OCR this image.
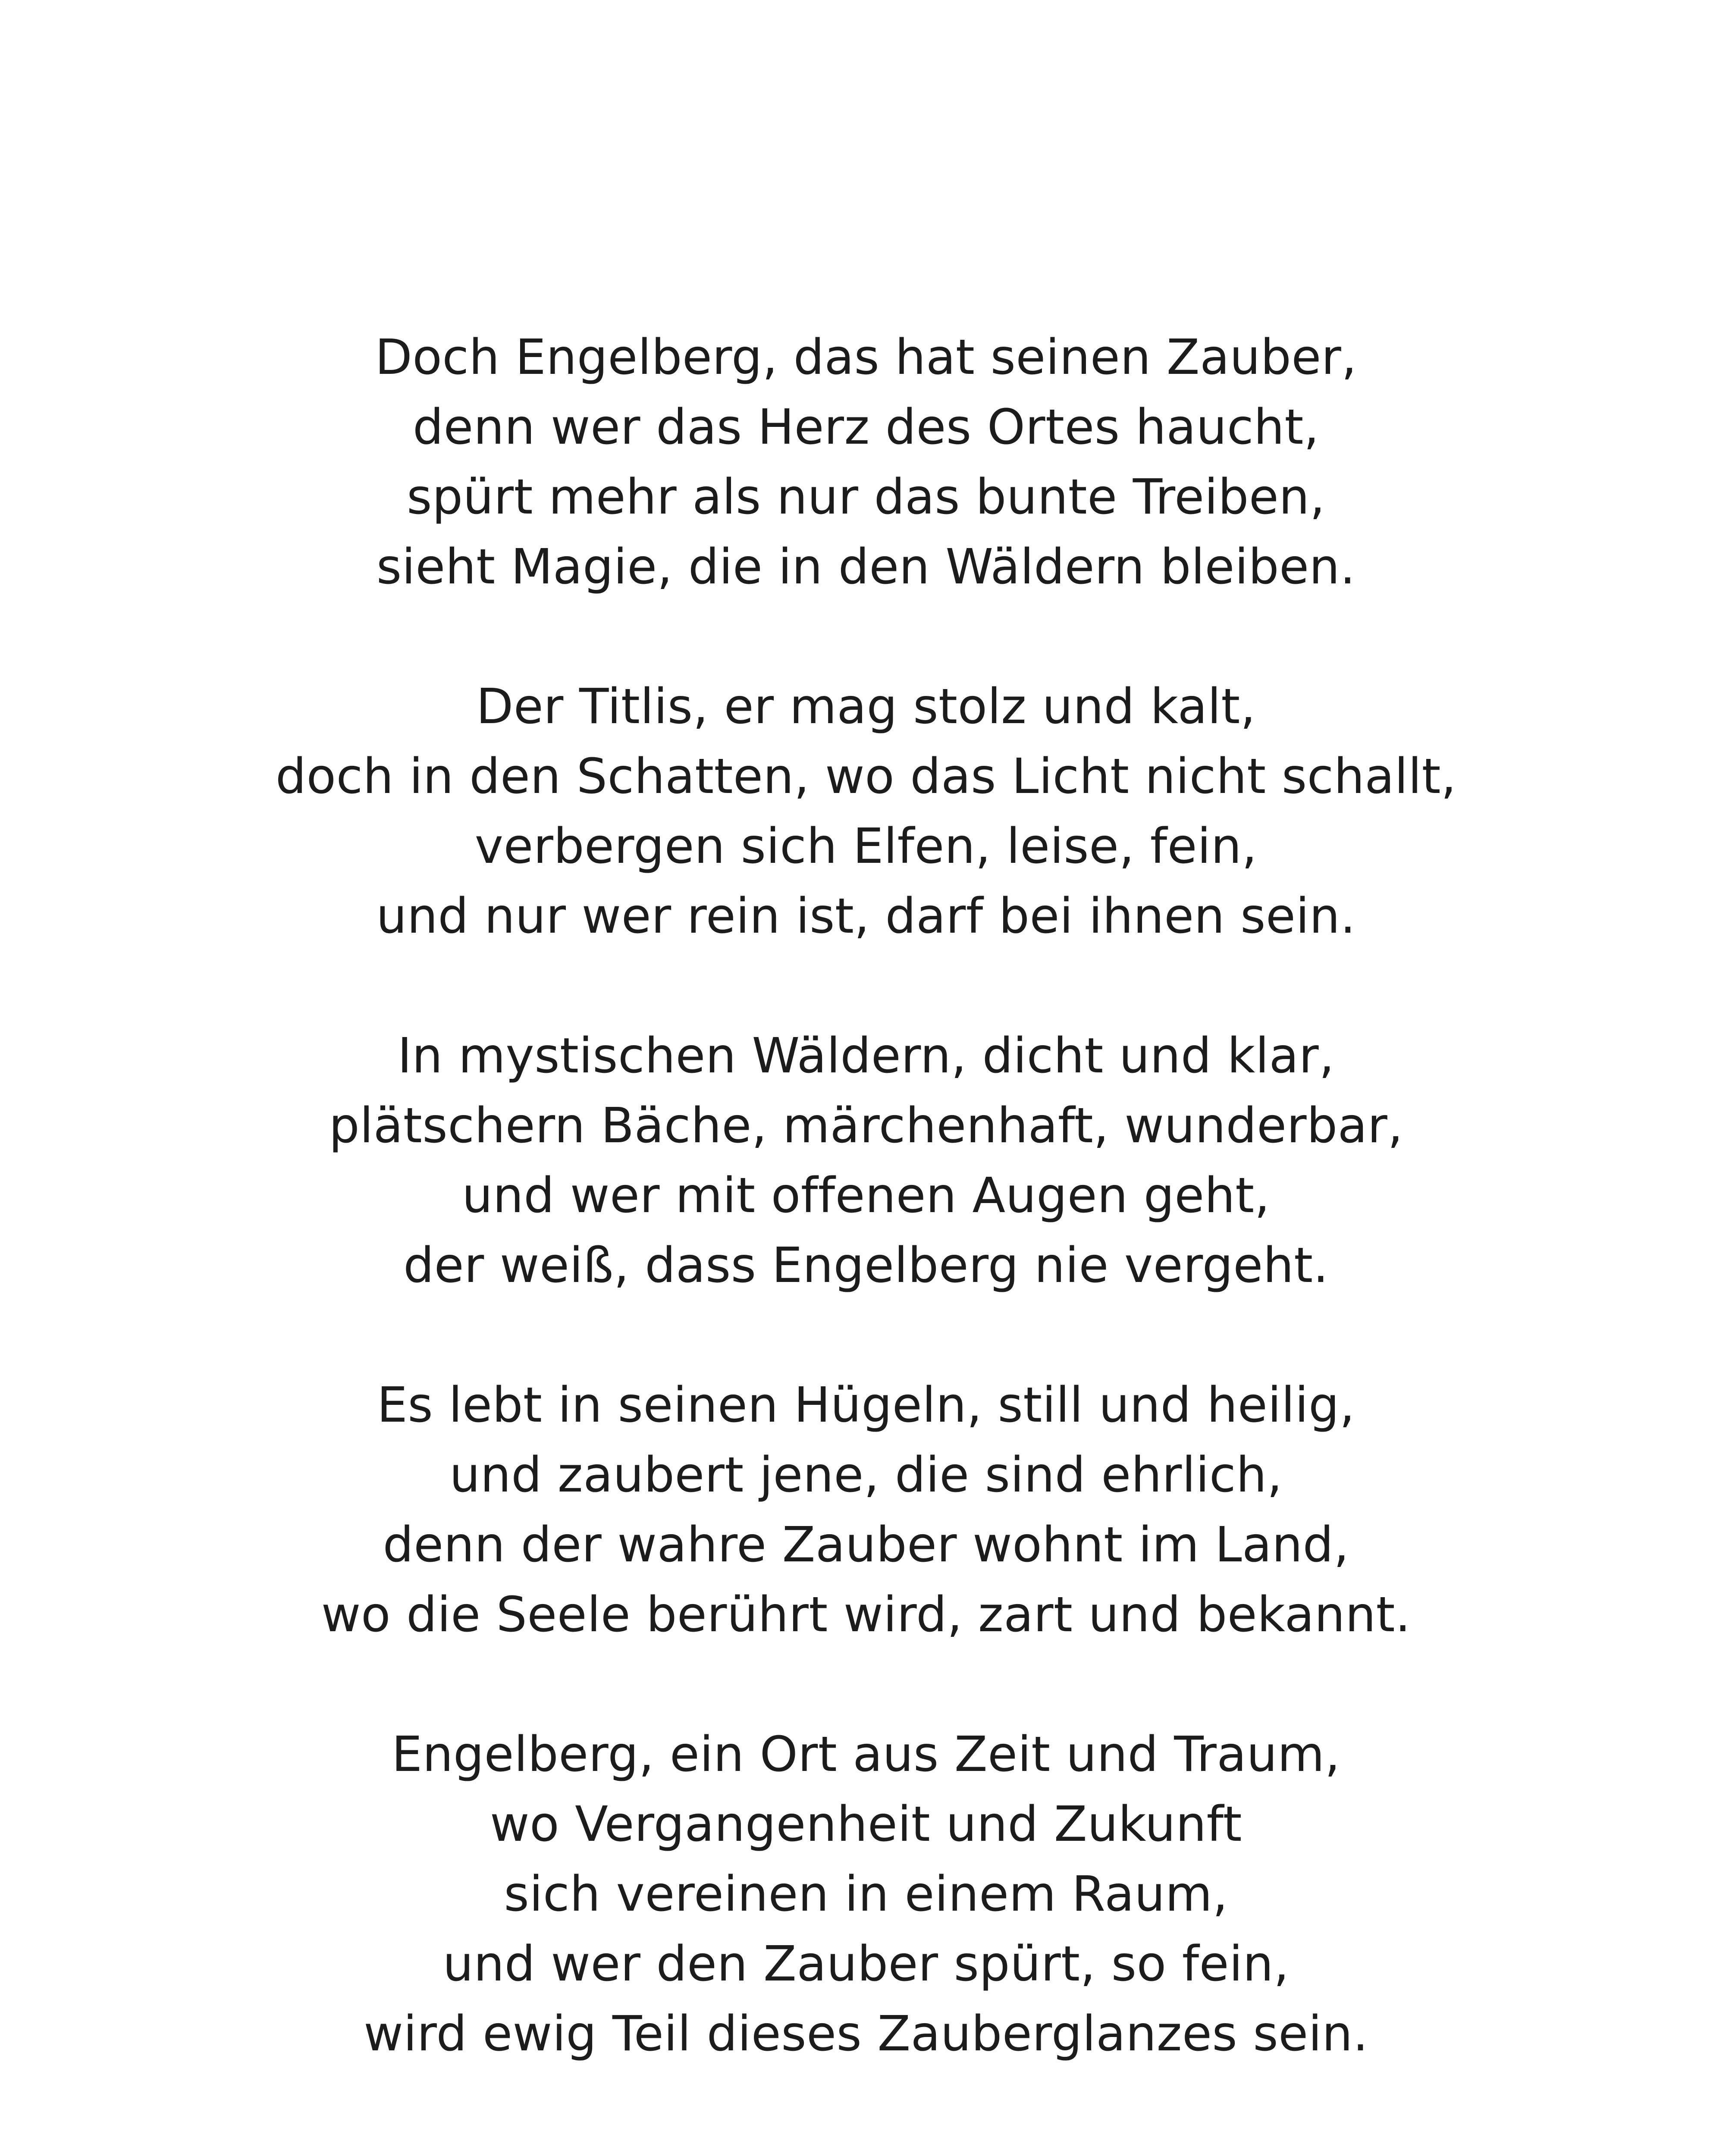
Doch Engelberg, das hat seinen Zauber,
denn wer das Herz des Ortes haucht,
spürt mehr als nur das bunte Treiben,
sieht Magie, die in den Wäldern bleiben.
Der Titlis, er mag stolz und kalt,
doch in den Schatten, wo das Licht nicht schallt,
verbergen sich Elfen, leise, fein,
und nur wer rein ist, darf bei ihnen sein.
In mystischen Wäldern, dicht und klar,
plätschern Bäche, märchenhaft, wunderbar,
und wer mit offenen Augen geht,
der weiß, dass Engelberg nie vergeht.
Es lebt in seinen Hügeln, still und heilig,
und zaubert jene, die sind ehrlich,
denn der wahre Zauber wohnt im Land,
wo die Seele berührt wird, zart und bekannt.
Engelberg, ein Ort aus Zeit und Traum,
wo Vergangenheit und Zukunft
sich vereinen in einem Raum,
und wer den Zauber spürt, so fein,
wird ewig Teil dieses Zauberglanzes sein.
